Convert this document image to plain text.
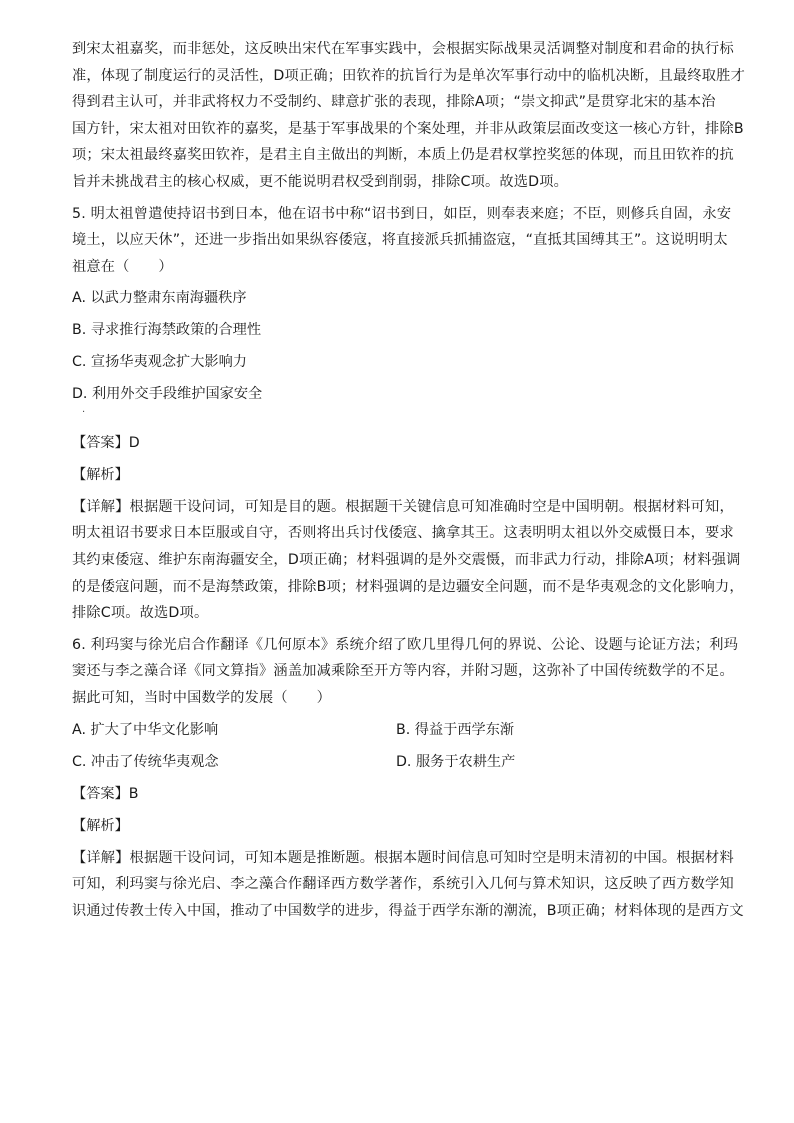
到宋太祖嘉奖，而非惩处，这反映出宋代在军事实践中，会根据实际战果灵活调整对制度和君命的执行标
准，体现了制度运行的灵活性，D项正确；田钦祚的抗旨行为是单次军事行动中的临机决断，且最终取胜才
得到君主认可，并非武将权力不受制约、肆意扩张的表现，排除A项；“崇文抑武”是贯穿北宋的基本治
国方针，宋太祖对田钦祚的嘉奖，是基于军事战果的个案处理，并非从政策层面改变这一核心方针，排除B
项；宋太祖最终嘉奖田钦祚，是君主自主做出的判断，本质上仍是君权掌控奖惩的体现，而且田钦祚的抗
旨并未挑战君主的核心权威，更不能说明君权受到削弱，排除C项。故选D项。
5. 明太祖曾遣使持诏书到日本，他在诏书中称“诏书到日，如臣，则奉表来庭；不臣，则修兵自固，永安
境土，以应天休”，还进一步指出如果纵容倭寇，将直接派兵抓捕盗寇，“直抵其国缚其王”。这说明明太
祖意在（　　）
A. 以武力整肃东南海疆秩序
B. 寻求推行海禁政策的合理性
C. 宣扬华夷观念扩大影响力
D. 利用外交手段维护国家安全
·
【答案】D
【解析】
【详解】根据题干设问词，可知是目的题。根据题干关键信息可知准确时空是中国明朝。根据材料可知，
明太祖诏书要求日本臣服或自守，否则将出兵讨伐倭寇、擒拿其王。这表明明太祖以外交威慑日本，要求
其约束倭寇、维护东南海疆安全，D项正确；材料强调的是外交震慑，而非武力行动，排除A项；材料强调
的是倭寇问题，而不是海禁政策，排除B项；材料强调的是边疆安全问题，而不是华夷观念的文化影响力，
排除C项。故选D项。
6. 利玛窦与徐光启合作翻译《几何原本》系统介绍了欧几里得几何的界说、公论、设题与论证方法；利玛
窦还与李之藻合译《同文算指》涵盖加减乘除至开方等内容，并附习题，这弥补了中国传统数学的不足。
据此可知，当时中国数学的发展（　　）
A. 扩大了中华文化影响	B. 得益于西学东渐
C. 冲击了传统华夷观念	D. 服务于农耕生产
【答案】B
【解析】
【详解】根据题干设问词，可知本题是推断题。根据本题时间信息可知时空是明末清初的中国。根据材料
可知，利玛窦与徐光启、李之藻合作翻译西方数学著作，系统引入几何与算术知识，这反映了西方数学知
识通过传教士传入中国，推动了中国数学的进步，得益于西学东渐的潮流，B项正确；材料体现的是西方文
